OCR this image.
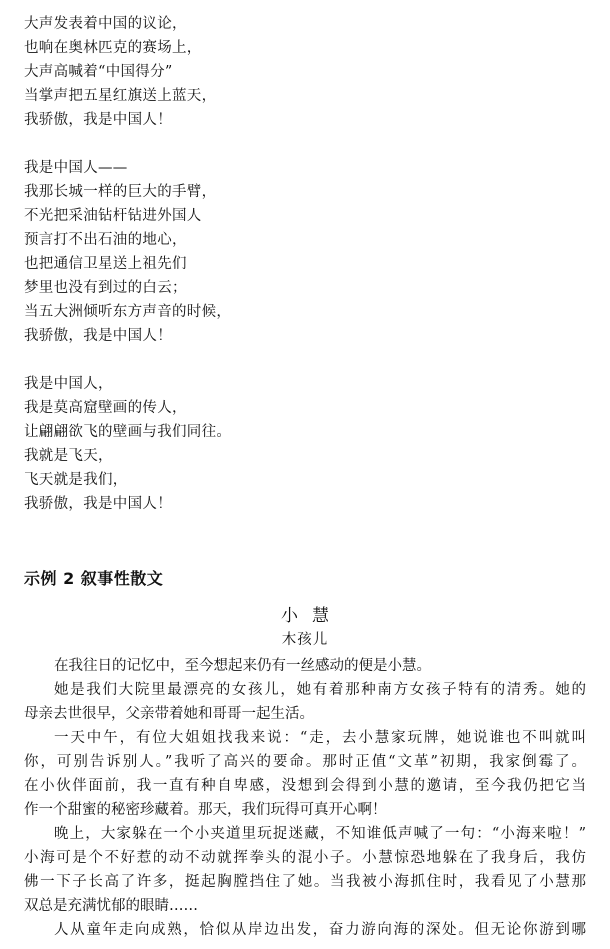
大声发表着中国的议论，
也响在奥林匹克的赛场上，
大声高喊着“中国得分”
当掌声把五星红旗送上蓝天，
我骄傲，我是中国人！
我是中国人——
我那长城一样的巨大的手臂，
不光把采油钻杆钻进外国人
预言打不出石油的地心，
也把通信卫星送上祖先们
梦里也没有到过的白云；
当五大洲倾听东方声音的时候，
我骄傲，我是中国人！
我是中国人，
我是莫高窟壁画的传人，
让翩翩欲飞的壁画与我们同往。
我就是飞天，
飞天就是我们，
我骄傲，我是中国人！
示例 2 叙事性散文
小慧
木孩儿
在我往日的记忆中，至今想起来仍有一丝感动的便是小慧。
她是我们大院里最漂亮的女孩儿，她有着那种南方女孩子特有的清秀。她的
母亲去世很早，父亲带着她和哥哥一起生活。
一天中午，有位大姐姐找我来说：“走，去小慧家玩牌，她说谁也不叫就叫
你，可别告诉别人。”我听了高兴的要命。那时正值“文革”初期，我家倒霉了。
在小伙伴面前，我一直有种自卑感，没想到会得到小慧的邀请，至今我仍把它当
作一个甜蜜的秘密珍藏着。那天，我们玩得可真开心啊！
晚上，大家躲在一个小夹道里玩捉迷藏，不知谁低声喊了一句：“小海来啦！”
小海可是个不好惹的动不动就挥拳头的混小子。小慧惊恐地躲在了我身后，我仿
佛一下子长高了许多，挺起胸膛挡住了她。当我被小海抓住时，我看见了小慧那
双总是充满忧郁的眼睛……
人从童年走向成熟，恰似从岸边出发，奋力游向海的深处。但无论你游到哪
